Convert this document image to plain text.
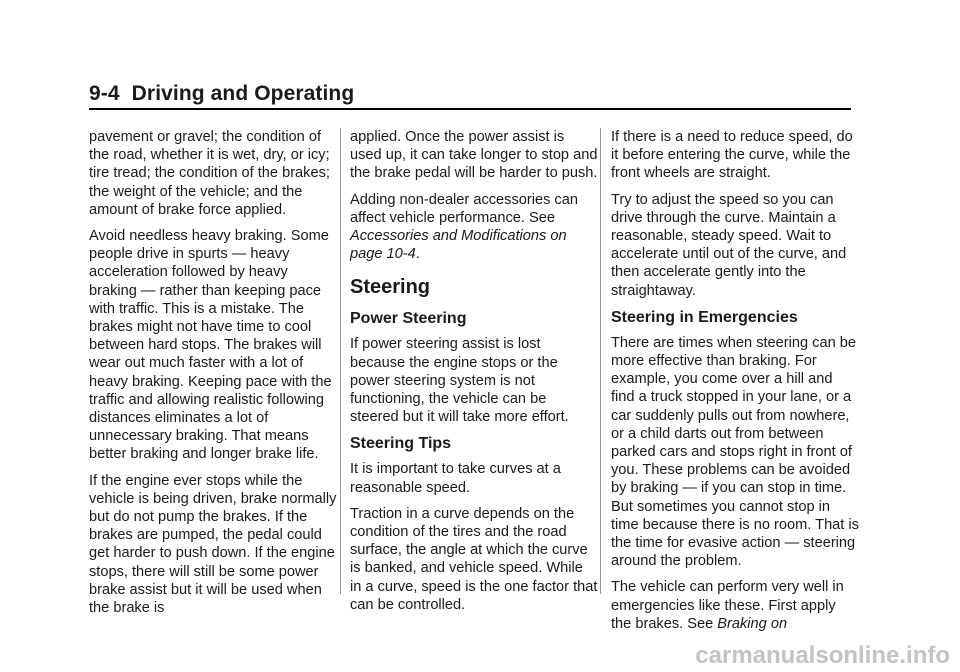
9-4 Driving and Operating

pavement or gravel; the condition of the road, whether it is wet, dry, or icy; tire tread; the condition of the brakes; the weight of the vehicle; and the amount of brake force applied.

Avoid needless heavy braking. Some people drive in spurts — heavy acceleration followed by heavy braking — rather than keeping pace with traffic. This is a mistake. The brakes might not have time to cool between hard stops. The brakes will wear out much faster with a lot of heavy braking. Keeping pace with the traffic and allowing realistic following distances eliminates a lot of unnecessary braking. That means better braking and longer brake life.

If the engine ever stops while the vehicle is being driven, brake normally but do not pump the brakes. If the brakes are pumped, the pedal could get harder to push down. If the engine stops, there will still be some power brake assist but it will be used when the brake is

applied. Once the power assist is used up, it can take longer to stop and the brake pedal will be harder to push.

Adding non-dealer accessories can affect vehicle performance. See Accessories and Modifications on page 10-4.

Steering
Power Steering

If power steering assist is lost because the engine stops or the power steering system is not functioning, the vehicle can be steered but it will take more effort.

Steering Tips

It is important to take curves at a reasonable speed.

Traction in a curve depends on the condition of the tires and the road surface, the angle at which the curve is banked, and vehicle speed. While in a curve, speed is the one factor that can be controlled.

If there is a need to reduce speed, do it before entering the curve, while the front wheels are straight.

Try to adjust the speed so you can drive through the curve. Maintain a reasonable, steady speed. Wait to accelerate until out of the curve, and then accelerate gently into the straightaway.

Steering in Emergencies

There are times when steering can be more effective than braking. For example, you come over a hill and find a truck stopped in your lane, or a car suddenly pulls out from nowhere, or a child darts out from between parked cars and stops right in front of you. These problems can be avoided by braking — if you can stop in time. But sometimes you cannot stop in time because there is no room. That is the time for evasive action — steering around the problem.

The vehicle can perform very well in emergencies like these. First apply the brakes. See Braking on

carmanualsonline.info
